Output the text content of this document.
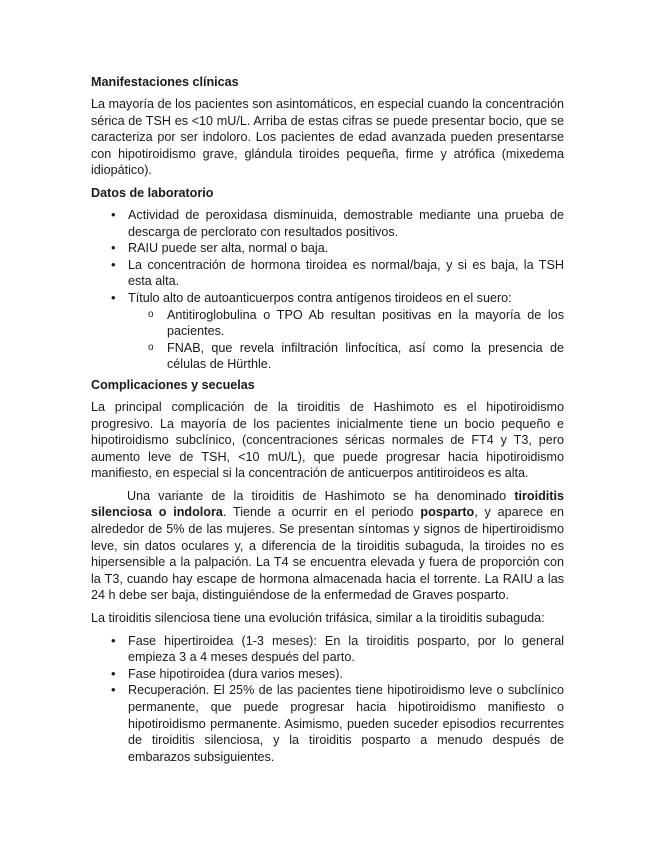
Manifestaciones clínicas

La mayoría de los pacientes son asintomáticos, en especial cuando la concentración sérica de TSH es <10 mU/L. Arriba de estas cifras se puede presentar bocio, que se caracteriza por ser indoloro. Los pacientes de edad avanzada pueden presentarse con hipotiroidismo grave, glándula tiroides pequeña, firme y atrófica (mixedema idiopático).

Datos de laboratorio
• Actividad de peroxidasa disminuida, demostrable mediante una prueba de descarga de perclorato con resultados positivos.
• RAIU puede ser alta, normal o baja.
• La concentración de hormona tiroidea es normal/baja, y si es baja, la TSH esta alta.
• Título alto de autoanticuerpos contra antígenos tiroideos en el suero:
o Antitiroglobulina o TPO Ab resultan positivas en la mayoría de los pacientes.
o FNAB, que revela infiltración linfocítica, así como la presencia de células de Hürthle.
Complicaciones y secuelas

La principal complicación de la tiroiditis de Hashimoto es el hipotiroidismo progresivo. La mayoría de los pacientes inicialmente tiene un bocio pequeño e hipotiroidismo subclínico, (concentraciones séricas normales de FT4 y T3, pero aumento leve de TSH, <10 mU/L), que puede progresar hacia hipotiroidismo manifiesto, en especial si la concentración de anticuerpos antitiroideos es alta.

Una variante de la tiroiditis de Hashimoto se ha denominado tiroiditis silenciosa o indolora. Tiende a ocurrir en el periodo posparto, y aparece en alrededor de 5% de las mujeres. Se presentan síntomas y signos de hipertiroidismo leve, sin datos oculares y, a diferencia de la tiroiditis subaguda, la tiroides no es hipersensible a la palpación. La T4 se encuentra elevada y fuera de proporción con la T3, cuando hay escape de hormona almacenada hacia el torrente. La RAIU a las 24 h debe ser baja, distinguiéndose de la enfermedad de Graves posparto.

La tiroiditis silenciosa tiene una evolución trifásica, similar a la tiroiditis subaguda:

• Fase hipertiroidea (1-3 meses): En la tiroiditis posparto, por lo general empieza 3 a 4 meses después del parto.
• Fase hipotiroidea (dura varios meses).
• Recuperación. El 25% de las pacientes tiene hipotiroidismo leve o subclínico permanente, que puede progresar hacia hipotiroidismo manifiesto o hipotiroidismo permanente. Asimismo, pueden suceder episodios recurrentes de tiroiditis silenciosa, y la tiroiditis posparto a menudo después de embarazos subsiguientes.
